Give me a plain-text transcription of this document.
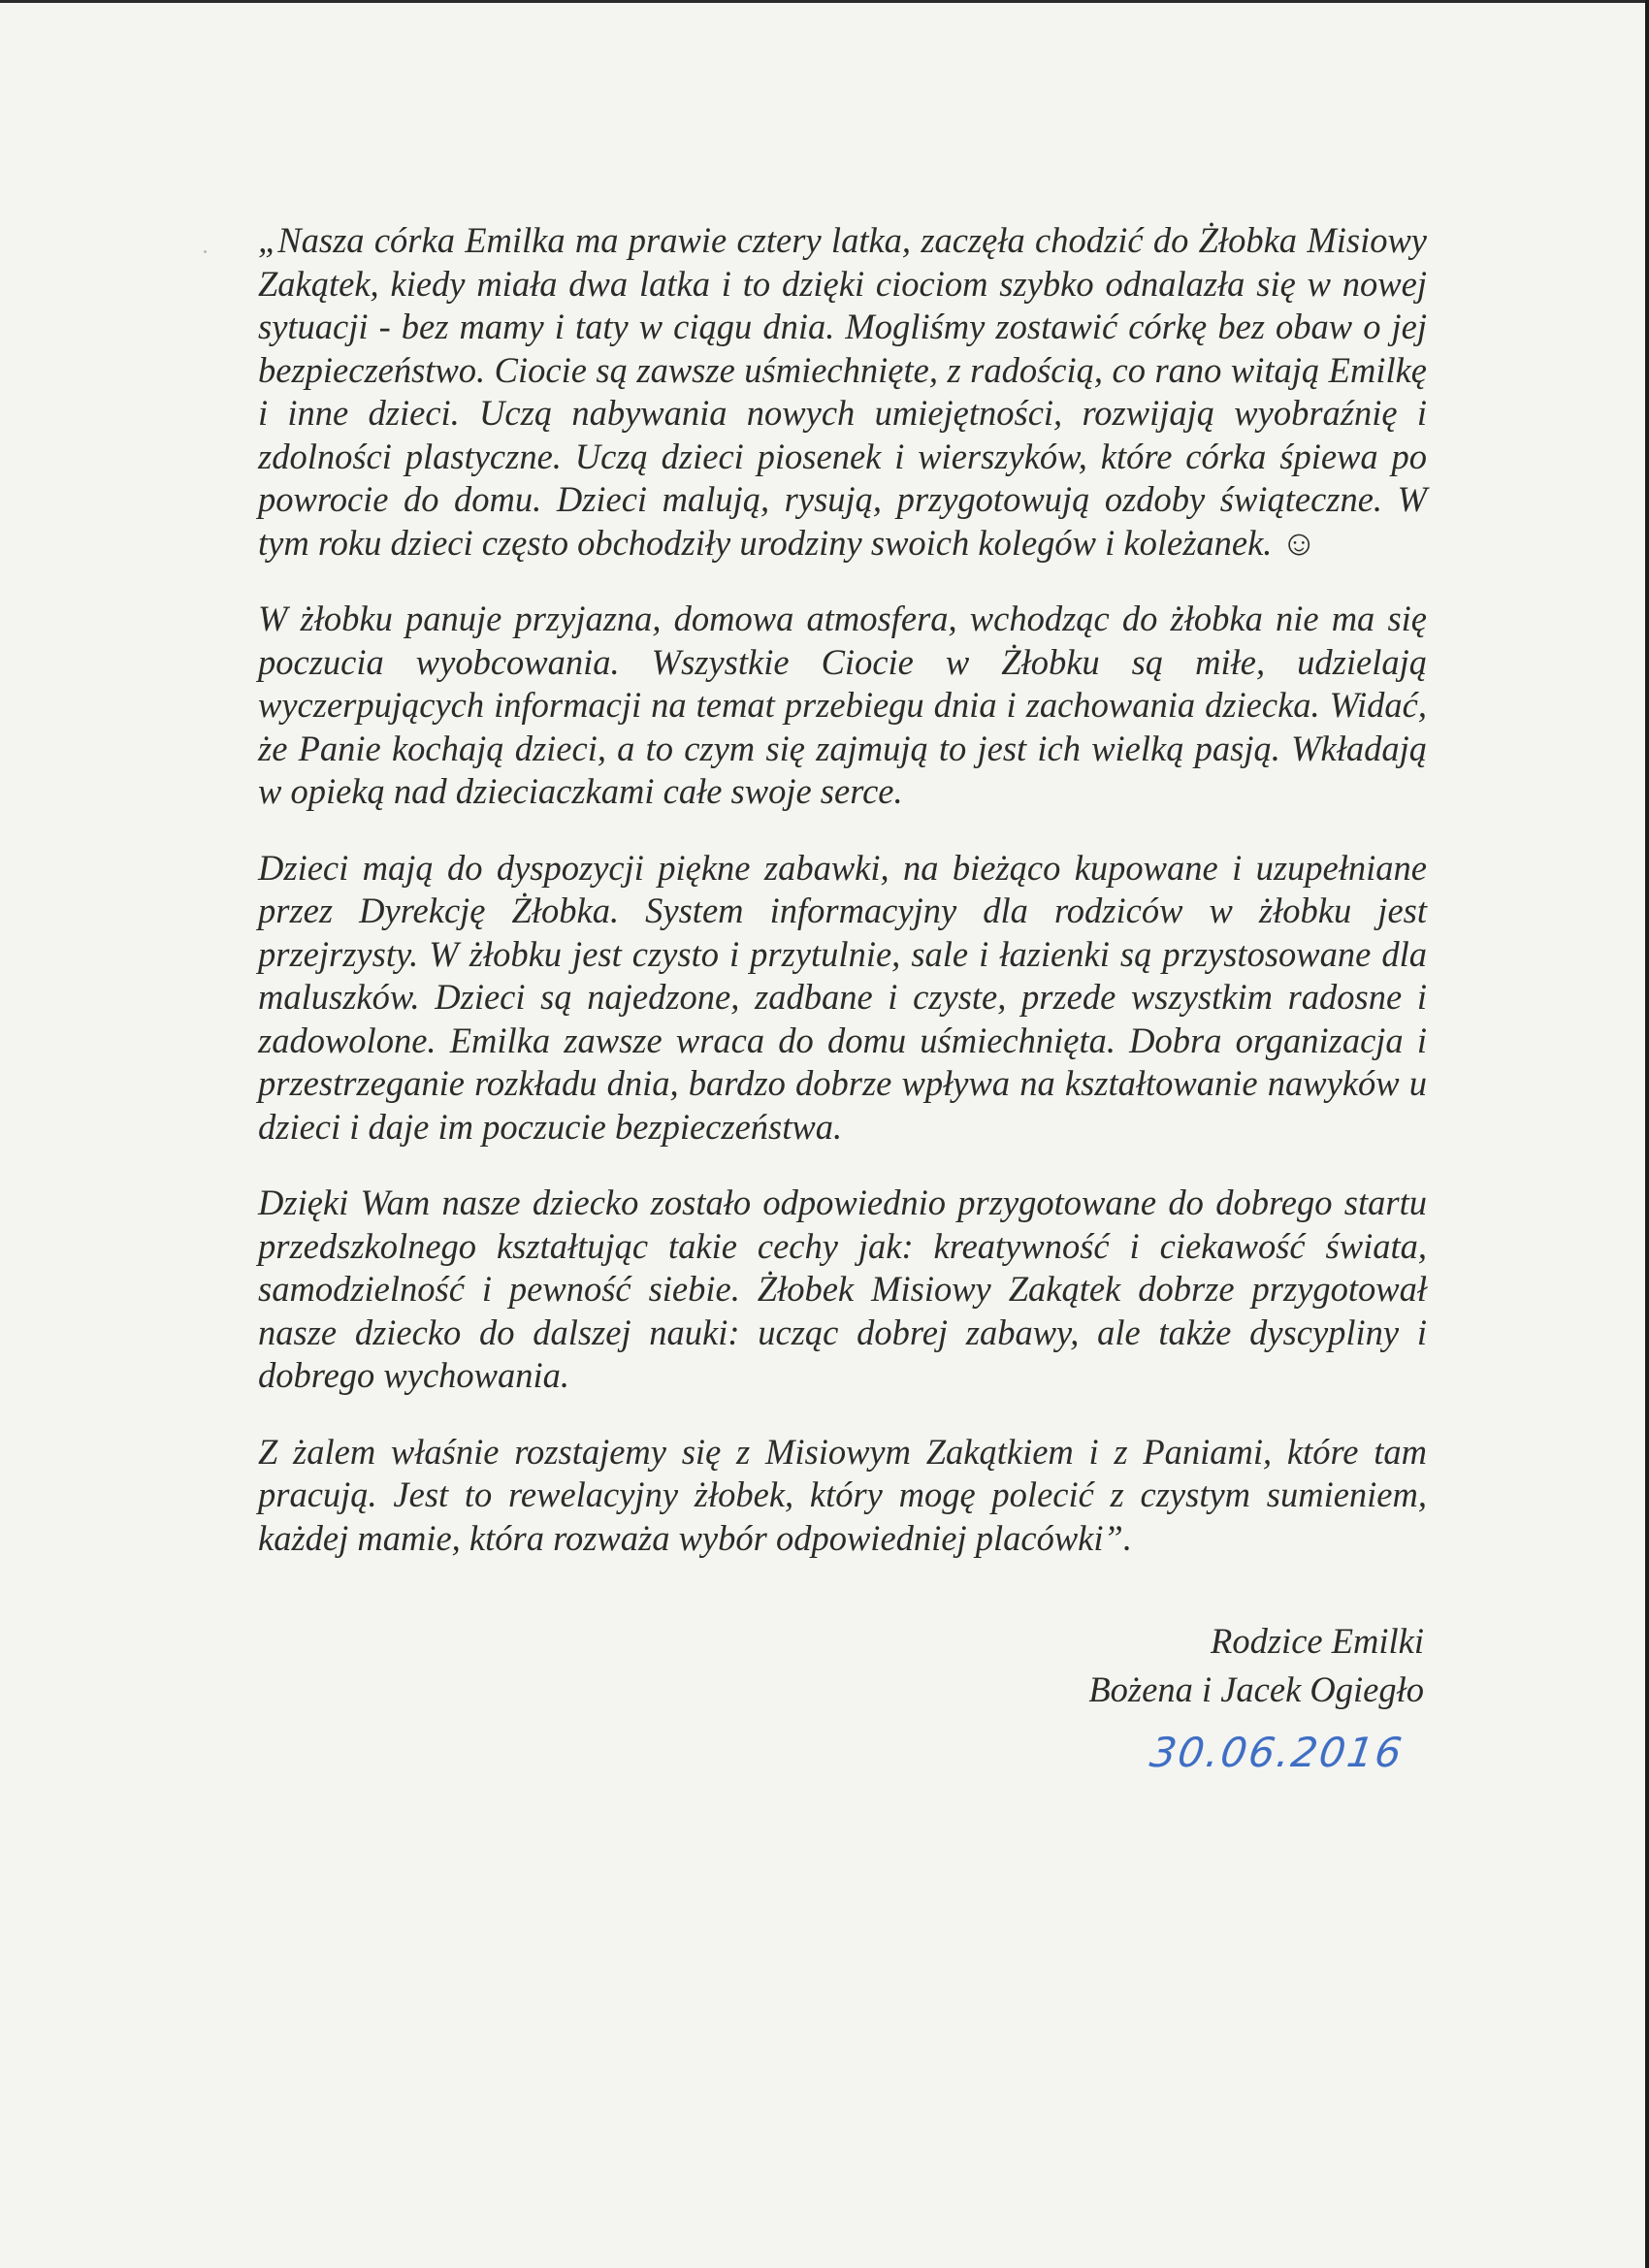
„Nasza córka Emilka ma prawie cztery latka, zaczęła chodzić do Żłobka Misiowy Zakątek, kiedy miała dwa latka i to dzięki ciociom szybko odnalazła się w nowej sytuacji - bez mamy i taty w ciągu dnia. Mogliśmy zostawić córkę bez obaw o jej bezpieczeństwo. Ciocie są zawsze uśmiechnięte, z radością, co rano witają Emilkę i inne dzieci. Uczą nabywania nowych umiejętności, rozwijają wyobraźnię i zdolności plastyczne. Uczą dzieci piosenek i wierszyków, które córka śpiewa po powrocie do domu. Dzieci malują, rysują, przygotowują ozdoby świąteczne. W tym roku dzieci często obchodziły urodziny swoich kolegów i koleżanek. ☺

W żłobku panuje przyjazna, domowa atmosfera, wchodząc do żłobka nie ma się poczucia wyobcowania. Wszystkie Ciocie w Żłobku są miłe, udzielają wyczerpujących informacji na temat przebiegu dnia i zachowania dziecka. Widać, że Panie kochają dzieci, a to czym się zajmują to jest ich wielką pasją. Wkładają w opieką nad dzieciaczkami całe swoje serce.

Dzieci mają do dyspozycji piękne zabawki, na bieżąco kupowane i uzupełniane przez Dyrekcję Żłobka. System informacyjny dla rodziców w żłobku jest przejrzysty. W żłobku jest czysto i przytulnie, sale i łazienki są przystosowane dla maluszków. Dzieci są najedzone, zadbane i czyste, przede wszystkim radosne i zadowolone. Emilka zawsze wraca do domu uśmiechnięta. Dobra organizacja i przestrzeganie rozkładu dnia, bardzo dobrze wpływa na kształtowanie nawyków u dzieci i daje im poczucie bezpieczeństwa.

Dzięki Wam nasze dziecko zostało odpowiednio przygotowane do dobrego startu przedszkolnego kształtując takie cechy jak: kreatywność i ciekawość świata, samodzielność i pewność siebie. Żłobek Misiowy Zakątek dobrze przygotował nasze dziecko do dalszej nauki: ucząc dobrej zabawy, ale także dyscypliny i dobrego wychowania.

Z żalem właśnie rozstajemy się z Misiowym Zakątkiem i z Paniami, które tam pracują. Jest to rewelacyjny żłobek, który mogę polecić z czystym sumieniem, każdej mamie, która rozważa wybór odpowiedniej placówki”.

Rodzice Emilki
Bożena i Jacek Ogiegło
30.06.2016
